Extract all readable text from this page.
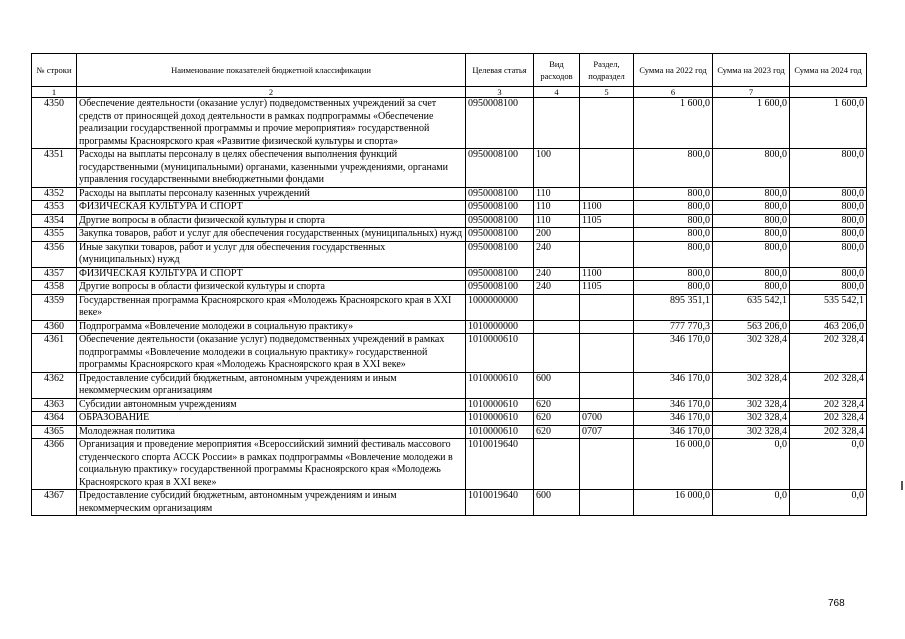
№ строки	Наименование показателей бюджетной классификации	Целевая статья	Вид расходов	Раздел, подраздел	Сумма на 2022 год	Сумма на 2023 год	Сумма на 2024 год
1	2	3	4	5	6	7	
4350	Обеспечение деятельности (оказание услуг) подведомственных учреждений за счет средств от приносящей доход деятельности в рамках подпрограммы «Обеспечение реализации государственной программы и прочие мероприятия» государственной программы Красноярского края «Развитие физической культуры и спорта»	0950008100			1 600,0	1 600,0	1 600,0
4351	Расходы на выплаты персоналу в целях обеспечения выполнения функций государственными (муниципальными) органами, казенными учреждениями, органами управления государственными внебюджетными фондами	0950008100	100		800,0	800,0	800,0
4352	Расходы на выплаты персоналу казенных учреждений	0950008100	110		800,0	800,0	800,0
4353	ФИЗИЧЕСКАЯ КУЛЬТУРА И СПОРТ	0950008100	110	1100	800,0	800,0	800,0
4354	Другие вопросы в области физической культуры и спорта	0950008100	110	1105	800,0	800,0	800,0
4355	Закупка товаров, работ и услуг для обеспечения государственных (муниципальных) нужд	0950008100	200		800,0	800,0	800,0
4356	Иные закупки товаров, работ и услуг для обеспечения государственных (муниципальных) нужд	0950008100	240		800,0	800,0	800,0
4357	ФИЗИЧЕСКАЯ КУЛЬТУРА И СПОРТ	0950008100	240	1100	800,0	800,0	800,0
4358	Другие вопросы в области физической культуры и спорта	0950008100	240	1105	800,0	800,0	800,0
4359	Государственная программа Красноярского края «Молодежь Красноярского края в XXI веке»	1000000000			895 351,1	635 542,1	535 542,1
4360	Подпрограмма «Вовлечение молодежи в социальную практику»	1010000000			777 770,3	563 206,0	463 206,0
4361	Обеспечение деятельности (оказание услуг) подведомственных учреждений в рамках подпрограммы «Вовлечение молодежи в социальную практику» государственной программы Красноярского края «Молодежь Красноярского края в XXI веке»	1010000610			346 170,0	302 328,4	202 328,4
4362	Предоставление субсидий бюджетным, автономным учреждениям и иным некоммерческим организациям	1010000610	600		346 170,0	302 328,4	202 328,4
4363	Субсидии автономным учреждениям	1010000610	620		346 170,0	302 328,4	202 328,4
4364	ОБРАЗОВАНИЕ	1010000610	620	0700	346 170,0	302 328,4	202 328,4
4365	Молодежная политика	1010000610	620	0707	346 170,0	302 328,4	202 328,4
4366	Организация и проведение мероприятия «Всероссийский зимний фестиваль массового студенческого спорта АССК России» в рамках подпрограммы «Вовлечение молодежи в социальную практику» государственной программы Красноярского края «Молодежь Красноярского края в XXI веке»	1010019640			16 000,0	0,0	0,0
4367	Предоставление субсидий бюджетным, автономным учреждениям и иным некоммерческим организациям	1010019640	600		16 000,0	0,0	0,0
768
